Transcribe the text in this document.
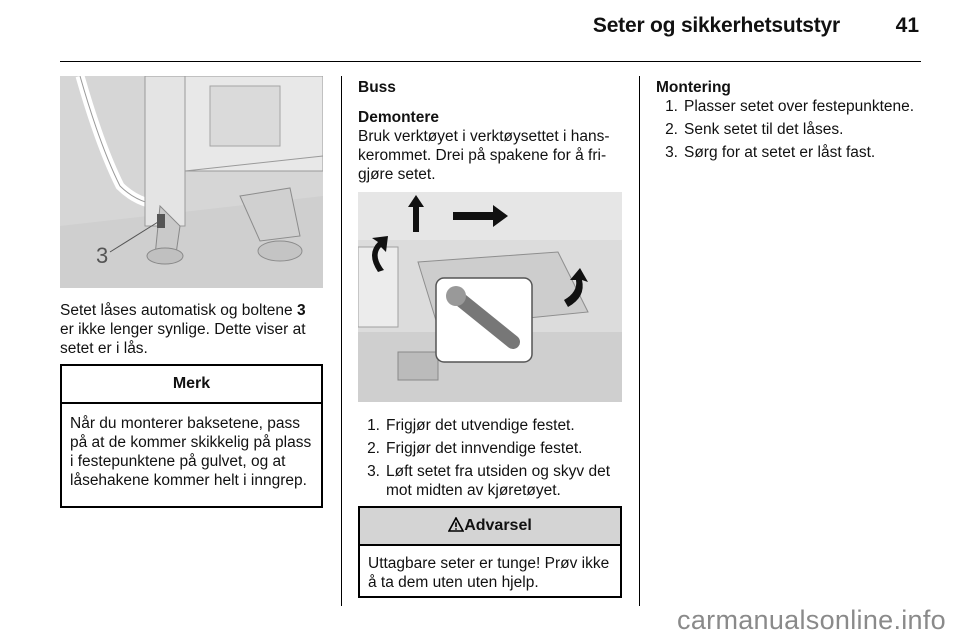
Seter og sikkerhetsutstyr	41
3
Setet låses automatisk og boltene 3 er ikke lenger synlige. Dette viser at setet er i lås.
Merk
Når du monterer baksetene, pass på at de kommer skikkelig på plass i festepunktene på gulvet, og at låsehakene kommer helt i inngrep.
Buss
Demontere
Bruk verktøyet i verktøysettet i hanskerommet. Drei på spakene for å frigjøre setet.
1. Frigjør det utvendige festet.
2. Frigjør det innvendige festet.
3. Løft setet fra utsiden og skyv det mot midten av kjøretøyet.
Advarsel
Uttagbare seter er tunge! Prøv ikke å ta dem uten uten hjelp.
Montering
1. Plasser setet over festepunktene.
2. Senk setet til det låses.
3. Sørg for at setet er låst fast.
carmanualsonline.info
